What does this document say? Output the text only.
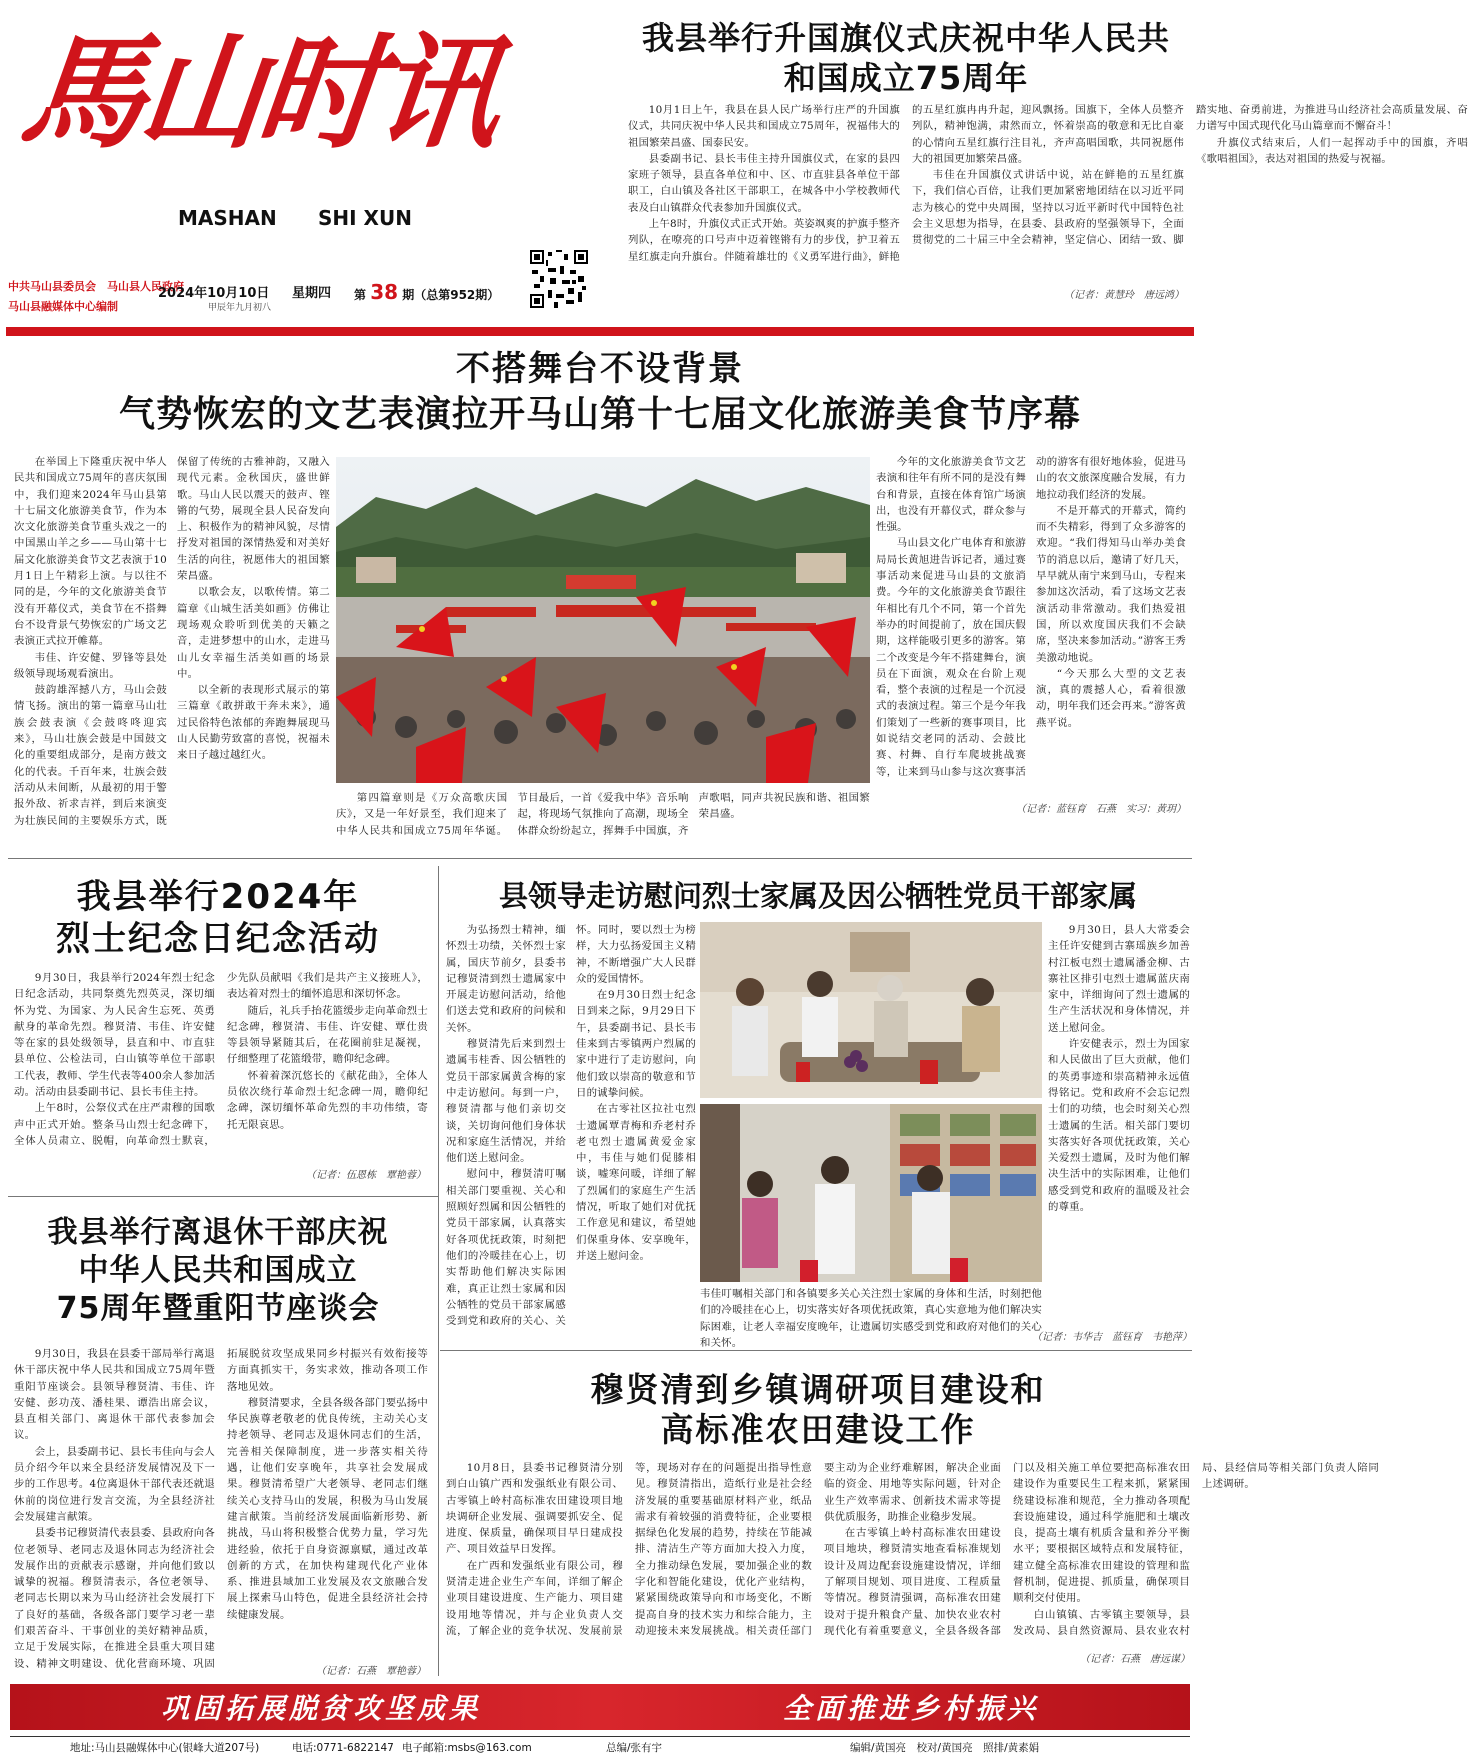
馬山时讯
MASHAN SHI XUN
中共马山县委员会　马山县人民政府
马山县融媒体中心编制
2024年10月10日 星期四
甲辰年九月初八
第 38 期（总第952期）
我县举行升国旗仪式庆祝中华人民共和国成立75周年

10月1日上午，我县在县人民广场举行庄严的升国旗仪式，共同庆祝中华人民共和国成立75周年，祝福伟大的祖国繁荣昌盛、国泰民安。

县委副书记、县长韦佳主持升国旗仪式，在家的县四家班子领导，县直各单位和中、区、市直驻县各单位干部职工，白山镇及各社区干部职工，在城各中小学校教师代表及白山镇群众代表参加升国旗仪式。

上午8时，升旗仪式正式开始。英姿飒爽的护旗手整齐列队，在嘹亮的口号声中迈着铿锵有力的步伐，护卫着五星红旗走向升旗台。伴随着雄壮的《义勇军进行曲》，鲜艳的五星红旗冉冉升起，迎风飘扬。国旗下，全体人员整齐列队，精神饱满，肃然而立，怀着崇高的敬意和无比自豪的心情向五星红旗行注目礼，齐声高唱国歌，共同祝愿伟大的祖国更加繁荣昌盛。

韦佳在升国旗仪式讲话中说，站在鲜艳的五星红旗下，我们信心百倍，让我们更加紧密地团结在以习近平同志为核心的党中央周围，坚持以习近平新时代中国特色社会主义思想为指导，在县委、县政府的坚强领导下，全面贯彻党的二十届三中全会精神，坚定信心、团结一致、脚踏实地、奋勇前进，为推进马山经济社会高质量发展、奋力谱写中国式现代化马山篇章而不懈奋斗！

升旗仪式结束后，人们一起挥动手中的国旗，齐唱《歌唱祖国》，表达对祖国的热爱与祝福。

（记者：黄慧玲　唐远鸿）
不搭舞台不设背景
气势恢宏的文艺表演拉开马山第十七届文化旅游美食节序幕

在举国上下隆重庆祝中华人民共和国成立75周年的喜庆氛围中，我们迎来2024年马山县第十七届文化旅游美食节，作为本次文化旅游美食节重头戏之一的中国黑山羊之乡——马山第十七届文化旅游美食节文艺表演于10月1日上午精彩上演。与以往不同的是，今年的文化旅游美食节没有开幕仪式，美食节在不搭舞台不设背景气势恢宏的广场文艺表演正式拉开帷幕。

韦佳、许安健、罗锋等县处级领导现场观看演出。

鼓韵雄浑撼八方，马山会鼓情飞扬。演出的第一篇章马山壮族会鼓表演《会鼓咚咚迎宾来》，马山壮族会鼓是中国鼓文化的重要组成部分，是南方鼓文化的代表。千百年来，壮族会鼓活动从未间断，从最初的用于警报外敌、祈求吉祥，到后来演变为壮族民间的主要娱乐方式，既保留了传统的古雅神韵，又融入现代元素。金秋国庆，盛世鲜歌。马山人民以震天的鼓声、铿锵的气势，展现全县人民奋发向上、积极作为的精神风貌，尽情抒发对祖国的深情热爱和对美好生活的向往，祝愿伟大的祖国繁荣昌盛。

以歌会友，以歌传情。第二篇章《山城生活美如画》仿佛让现场观众聆听到优美的天籁之音，走进梦想中的山水，走进马山儿女幸福生活美如画的场景中。

以全新的表现形式展示的第三篇章《敢拼敢干奔未来》，通过民俗特色浓郁的奔跑舞展现马山人民勤劳致富的喜悦，祝福未来日子越过越红火。

第四篇章则是《万众高歌庆国庆》，又是一年好景至，我们迎来了中华人民共和国成立75周年华诞。节目最后，一首《爱我中华》音乐响起，将现场气氛推向了高潮，现场全体群众纷纷起立，挥舞手中国旗，齐声歌唱，同声共祝民族和谐、祖国繁荣昌盛。

今年的文化旅游美食节文艺表演和往年有所不同的是没有舞台和背景，直接在体育馆广场演出，也没有开幕仪式，群众参与性强。

马山县文化广电体育和旅游局局长黄旭进告诉记者，通过赛事活动来促进马山县的文旅消费。今年的文化旅游美食节跟往年相比有几个不同，第一个首先举办的时间提前了，放在国庆假期，这样能吸引更多的游客。第二个改变是今年不搭建舞台，演员在下面演，观众在台阶上观看，整个表演的过程是一个沉浸式的表演过程。第三个是今年我们策划了一些新的赛事项目，比如说结交老同的活动、会鼓比赛、村舞、自行车爬坡挑战赛等，让来到马山参与这次赛事活动的游客有很好地体验，促进马山的农文旅深度融合发展，有力地拉动我们经济的发展。

不是开幕式的开幕式，简约而不失精彩，得到了众多游客的欢迎。“我们得知马山举办美食节的消息以后，邀请了好几天，早早就从南宁来到马山，专程来参加这次活动，看了这场文艺表演活动非常激动。我们热爱祖国，所以欢度国庆我们不会缺席，坚决来参加活动。”游客王秀美激动地说。

“今天那么大型的文艺表演，真的震撼人心，看着很激动，明年我们还会再来。”游客黄燕平说。

（记者：蓝钰育　石燕　实习：黄玥）
我县举行2024年
烈士纪念日纪念活动

9月30日，我县举行2024年烈士纪念日纪念活动，共同祭奠先烈英灵，深切缅怀为党、为国家、为人民舍生忘死、英勇献身的革命先烈。穆贤清、韦佳、许安健等在家的县处级领导，县直和中、市直驻县单位、公检法司，白山镇等单位干部职工代表，教师、学生代表等400余人参加活动。活动由县委副书记、县长韦佳主持。

上午8时，公祭仪式在庄严肃穆的国歌声中正式开始。整条马山烈士纪念碑下，全体人员肃立、脱帽，向革命烈士默哀，少先队员献唱《我们是共产主义接班人》，表达着对烈士的缅怀追思和深切怀念。

随后，礼兵手抬花篮缓步走向革命烈士纪念碑，穆贤清、韦佳、许安健、覃仕贵等县领导紧随其后，在花圈前驻足凝视，仔细整理了花篮缎带，瞻仰纪念碑。

怀着着深沉悠长的《献花曲》，全体人员依次绕行革命烈士纪念碑一周，瞻仰纪念碑，深切缅怀革命先烈的丰功伟绩，寄托无限哀思。

（记者：伍恩栋　覃艳蓉）
我县举行离退休干部庆祝
中华人民共和国成立
75周年暨重阳节座谈会

9月30日，我县在县委干部局举行离退休干部庆祝中华人民共和国成立75周年暨重阳节座谈会。县领导穆贤清、韦佳、许安健、彭功茂、潘桂果、谭浩出席会议，县直相关部门、离退休干部代表参加会议。

会上，县委副书记、县长韦佳向与会人员介绍今年以来全县经济发展情况及下一步的工作思考。4位离退休干部代表还就退休前的岗位进行发言交流，为全县经济社会发展建言献策。

县委书记穆贤清代表县委、县政府向各位老领导、老同志及退休同志为经济社会发展作出的贡献表示感谢，并向他们致以诚挚的祝福。穆贤清表示，各位老领导、老同志长期以来为马山经济社会发展打下了良好的基础，各级各部门要学习老一辈们艰苦奋斗、干事创业的美好精神品质，立足于发展实际，在推进全县重大项目建设、精神文明建设、优化营商环境、巩固拓展脱贫攻坚成果同乡村振兴有效衔接等方面真抓实干，务实求效，推动各项工作落地见效。

穆贤清要求，全县各级各部门要弘扬中华民族尊老敬老的优良传统，主动关心支持老领导、老同志及退休同志们的生活，完善相关保障制度，进一步落实相关待遇，让他们安享晚年，共享社会发展成果。穆贤清希望广大老领导、老同志们继续关心支持马山的发展，积极为马山发展建言献策。当前经济发展面临新形势、新挑战，马山将积极整合优势力量，学习先进经验，依托于自身资源禀赋，通过改革创新的方式，在加快构建现代化产业体系、推进县域加工业发展及农文旅融合发展上探索马山特色，促进全县经济社会持续健康发展。

（记者：石燕　覃艳蓉）
县领导走访慰问烈士家属及因公牺牲党员干部家属

为弘扬烈士精神，缅怀烈士功绩，关怀烈士家属，国庆节前夕，县委书记穆贤清到烈士遗属家中开展走访慰问活动，给他们送去党和政府的问候和关怀。

穆贤清先后来到烈士遗属韦桂香、因公牺牲的党员干部家属黄含梅的家中走访慰问。每到一户，穆贤清都与他们亲切交谈，关切询问他们身体状况和家庭生活情况，并给他们送上慰问金。

慰问中，穆贤清叮嘱相关部门要重视、关心和照顾好烈属和因公牺牲的党员干部家属，认真落实好各项优抚政策，时刻把他们的冷暖挂在心上，切实帮助他们解决实际困难，真正让烈士家属和因公牺牲的党员干部家属感受到党和政府的关心、关怀。同时，要以烈士为榜样，大力弘扬爱国主义精神，不断增强广大人民群众的爱国情怀。

在9月30日烈士纪念日到来之际，9月29日下午，县委副书记、县长韦佳来到古零镇两户烈属的家中进行了走访慰问，向他们致以崇高的敬意和节日的诚挚问候。

在古零社区拉社屯烈士遗属覃青梅和乔老村乔老屯烈士遗属黄爱金家中，韦佳与她们促膝相谈，嘘寒问暖，详细了解了烈属们的家庭生产生活情况，听取了她们对优抚工作意见和建议，希望她们保重身体、安享晚年，并送上慰问金。

韦佳叮嘱相关部门和各镇要多关心关注烈士家属的身体和生活，时刻把他们的冷暖挂在心上，切实落实好各项优抚政策，真心实意地为他们解决实际困难，让老人幸福安度晚年，让遗属切实感受到党和政府对他们的关心和关怀。

9月30日，县人大常委会主任许安健到古寨瑶族乡加善村江板屯烈士遗属潘金柳、古寨社区排引屯烈士遗属蓝庆南家中，详细询问了烈士遗属的生产生活状况和身体情况，并送上慰问金。

许安健表示，烈士为国家和人民做出了巨大贡献，他们的英勇事迹和崇高精神永远值得铭记。党和政府不会忘记烈士们的功绩，也会时刻关心烈士遗属的生活。相关部门要切实落实好各项优抚政策，关心关爱烈士遗属，及时为他们解决生活中的实际困难，让他们感受到党和政府的温暖及社会的尊重。

（记者：韦华吉　蓝钰育　韦艳萍）
穆贤清到乡镇调研项目建设和
高标准农田建设工作

10月8日，县委书记穆贤清分别到白山镇广西和发强纸业有限公司、古零镇上岭村高标准农田建设项目地块调研企业发展、强调要抓安全、促进度、保质量，确保项目早日建成投产、项目效益早日发挥。

在广西和发强纸业有限公司，穆贤清走进企业生产车间，详细了解企业项目建设进度、生产能力、项目建设用地等情况，并与企业负责人交流，了解企业的竞争状况、发展前景等，现场对存在的问题提出指导性意见。穆贤清指出，造纸行业是社会经济发展的重要基础原材料产业，纸品需求有着较强的消费特征，企业要根据绿色化发展的趋势，持续在节能减排、清洁生产等方面加大投入力度，全力推动绿色发展，要加强企业的数字化和智能化建设，优化产业结构，紧紧围绕政策导向和市场变化，不断提高自身的技术实力和综合能力，主动迎接未来发展挑战。相关责任部门要主动为企业纾难解困，解决企业面临的资金、用地等实际问题，针对企业生产效率需求、创新技术需求等提供优质服务，助推企业稳步发展。

在古零镇上岭村高标准农田建设项目地块，穆贤清实地查看标准规划设计及周边配套设施建设情况，详细了解项目规划、项目进度、工程质量等情况。穆贤清强调，高标准农田建设对于提升粮食产量、加快农业农村现代化有着重要意义，全县各级各部门以及相关施工单位要把高标准农田建设作为重要民生工程来抓，紧紧围绕建设标准和规范，全力推动各项配套设施建设，通过科学施肥和土壤改良，提高土壤有机质含量和养分平衡水平；要根据区域特点和发展特征，建立健全高标准农田建设的管理和监督机制，促进提、抓质量，确保项目顺利交付使用。

白山镇镇、古零镇主要领导，县发改局、县自然资源局、县农业农村局、县经信局等相关部门负责人陪同上述调研。

（记者：石燕　唐远谋）
巩固拓展脱贫攻坚成果	全面推进乡村振兴
地址:马山县融媒体中心(银峰大道207号)	电话:0771-6822147 电子邮箱:msbs@163.com	总编/张有宇	编辑/黄国亮　校对/黄国亮　照排/黄素娟
